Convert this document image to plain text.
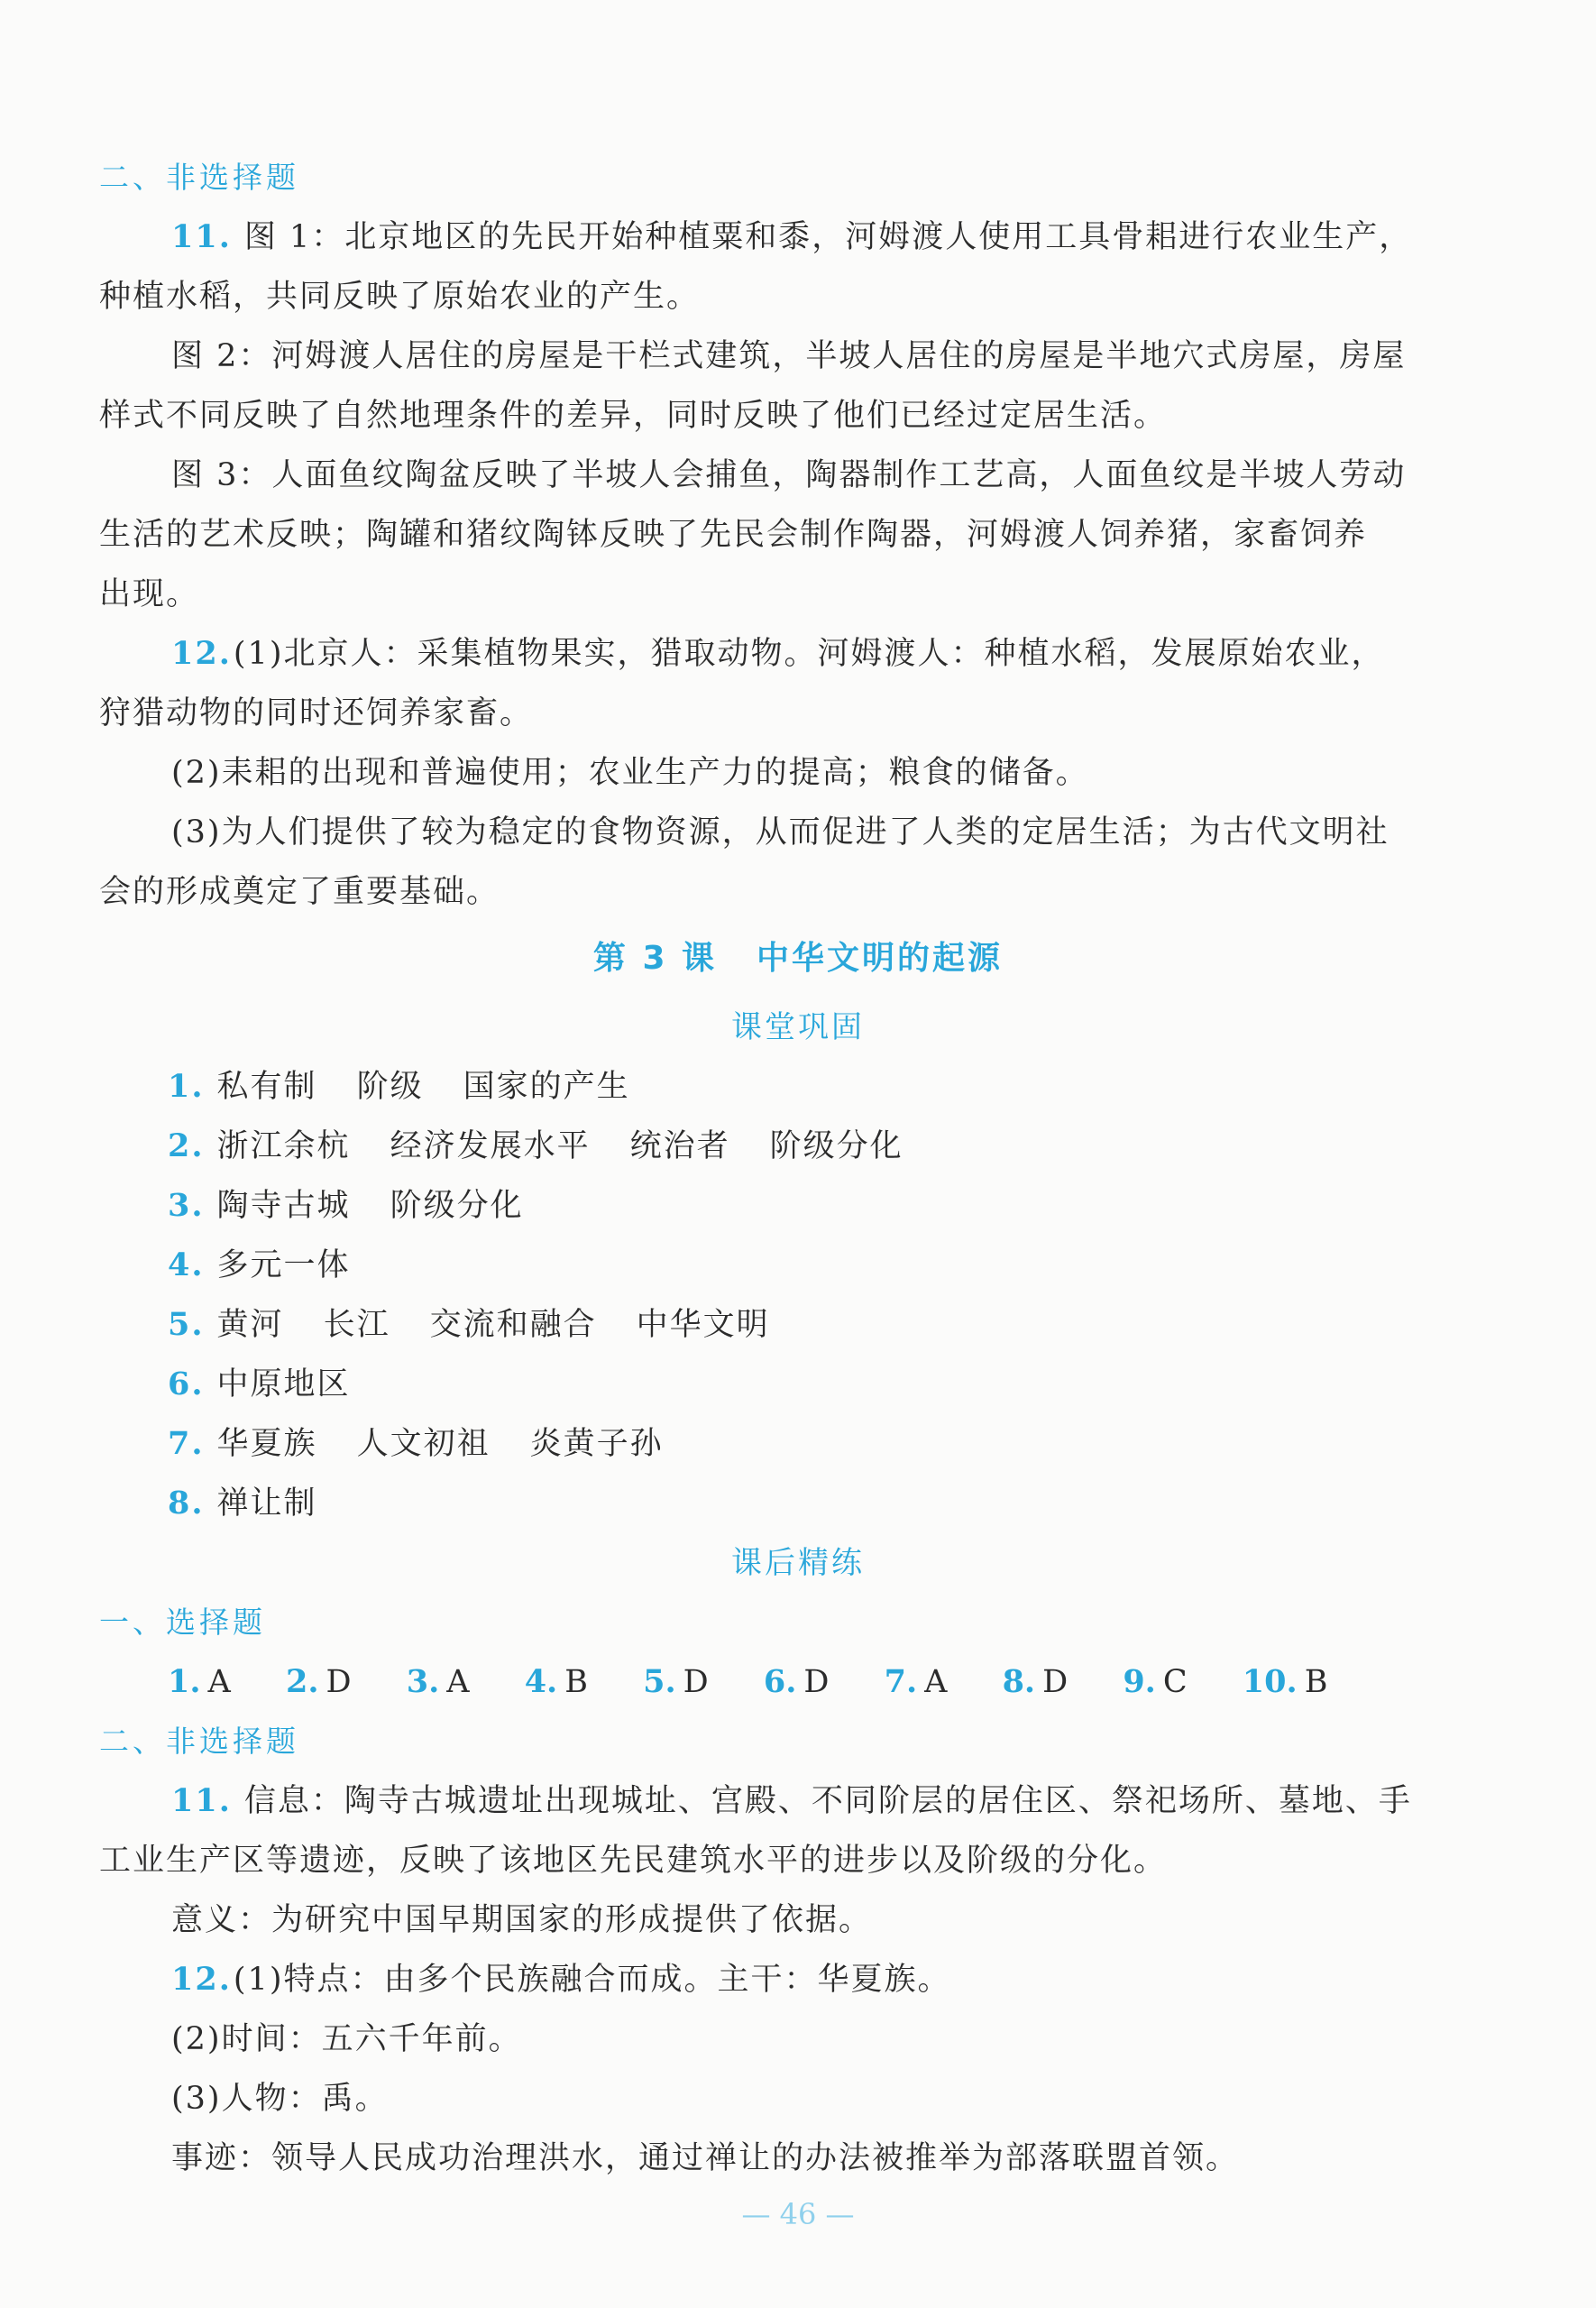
二、非选择题
11. 图 1：北京地区的先民开始种植粟和黍，河姆渡人使用工具骨耜进行农业生产，
种植水稻，共同反映了原始农业的产生。
图 2：河姆渡人居住的房屋是干栏式建筑，半坡人居住的房屋是半地穴式房屋，房屋
样式不同反映了自然地理条件的差异，同时反映了他们已经过定居生活。
图 3：人面鱼纹陶盆反映了半坡人会捕鱼，陶器制作工艺高，人面鱼纹是半坡人劳动
生活的艺术反映；陶罐和猪纹陶钵反映了先民会制作陶器，河姆渡人饲养猪，家畜饲养
出现。
12.(1)北京人：采集植物果实，猎取动物。河姆渡人：种植水稻，发展原始农业，
狩猎动物的同时还饲养家畜。
(2)耒耜的出现和普遍使用；农业生产力的提高；粮食的储备。
(3)为人们提供了较为稳定的食物资源，从而促进了人类的定居生活；为古代文明社
会的形成奠定了重要基础。
第 3 课 中华文明的起源
课堂巩固
1. 私有制 阶级 国家的产生
2. 浙江余杭 经济发展水平 统治者 阶级分化
3. 陶寺古城 阶级分化
4. 多元一体
5. 黄河 长江 交流和融合 中华文明
6. 中原地区
7. 华夏族 人文初祖 炎黄子孙
8. 禅让制
课后精练
一、选择题
1. A 2. D 3. A 4. B 5. D 6. D 7. A 8. D 9. C 10. B
二、非选择题
11. 信息：陶寺古城遗址出现城址、宫殿、不同阶层的居住区、祭祀场所、墓地、手
工业生产区等遗迹，反映了该地区先民建筑水平的进步以及阶级的分化。
意义：为研究中国早期国家的形成提供了依据。
12.(1)特点：由多个民族融合而成。主干：华夏族。
(2)时间：五六千年前。
(3)人物：禹。
事迹：领导人民成功治理洪水，通过禅让的办法被推举为部落联盟首领。
— 46 —
